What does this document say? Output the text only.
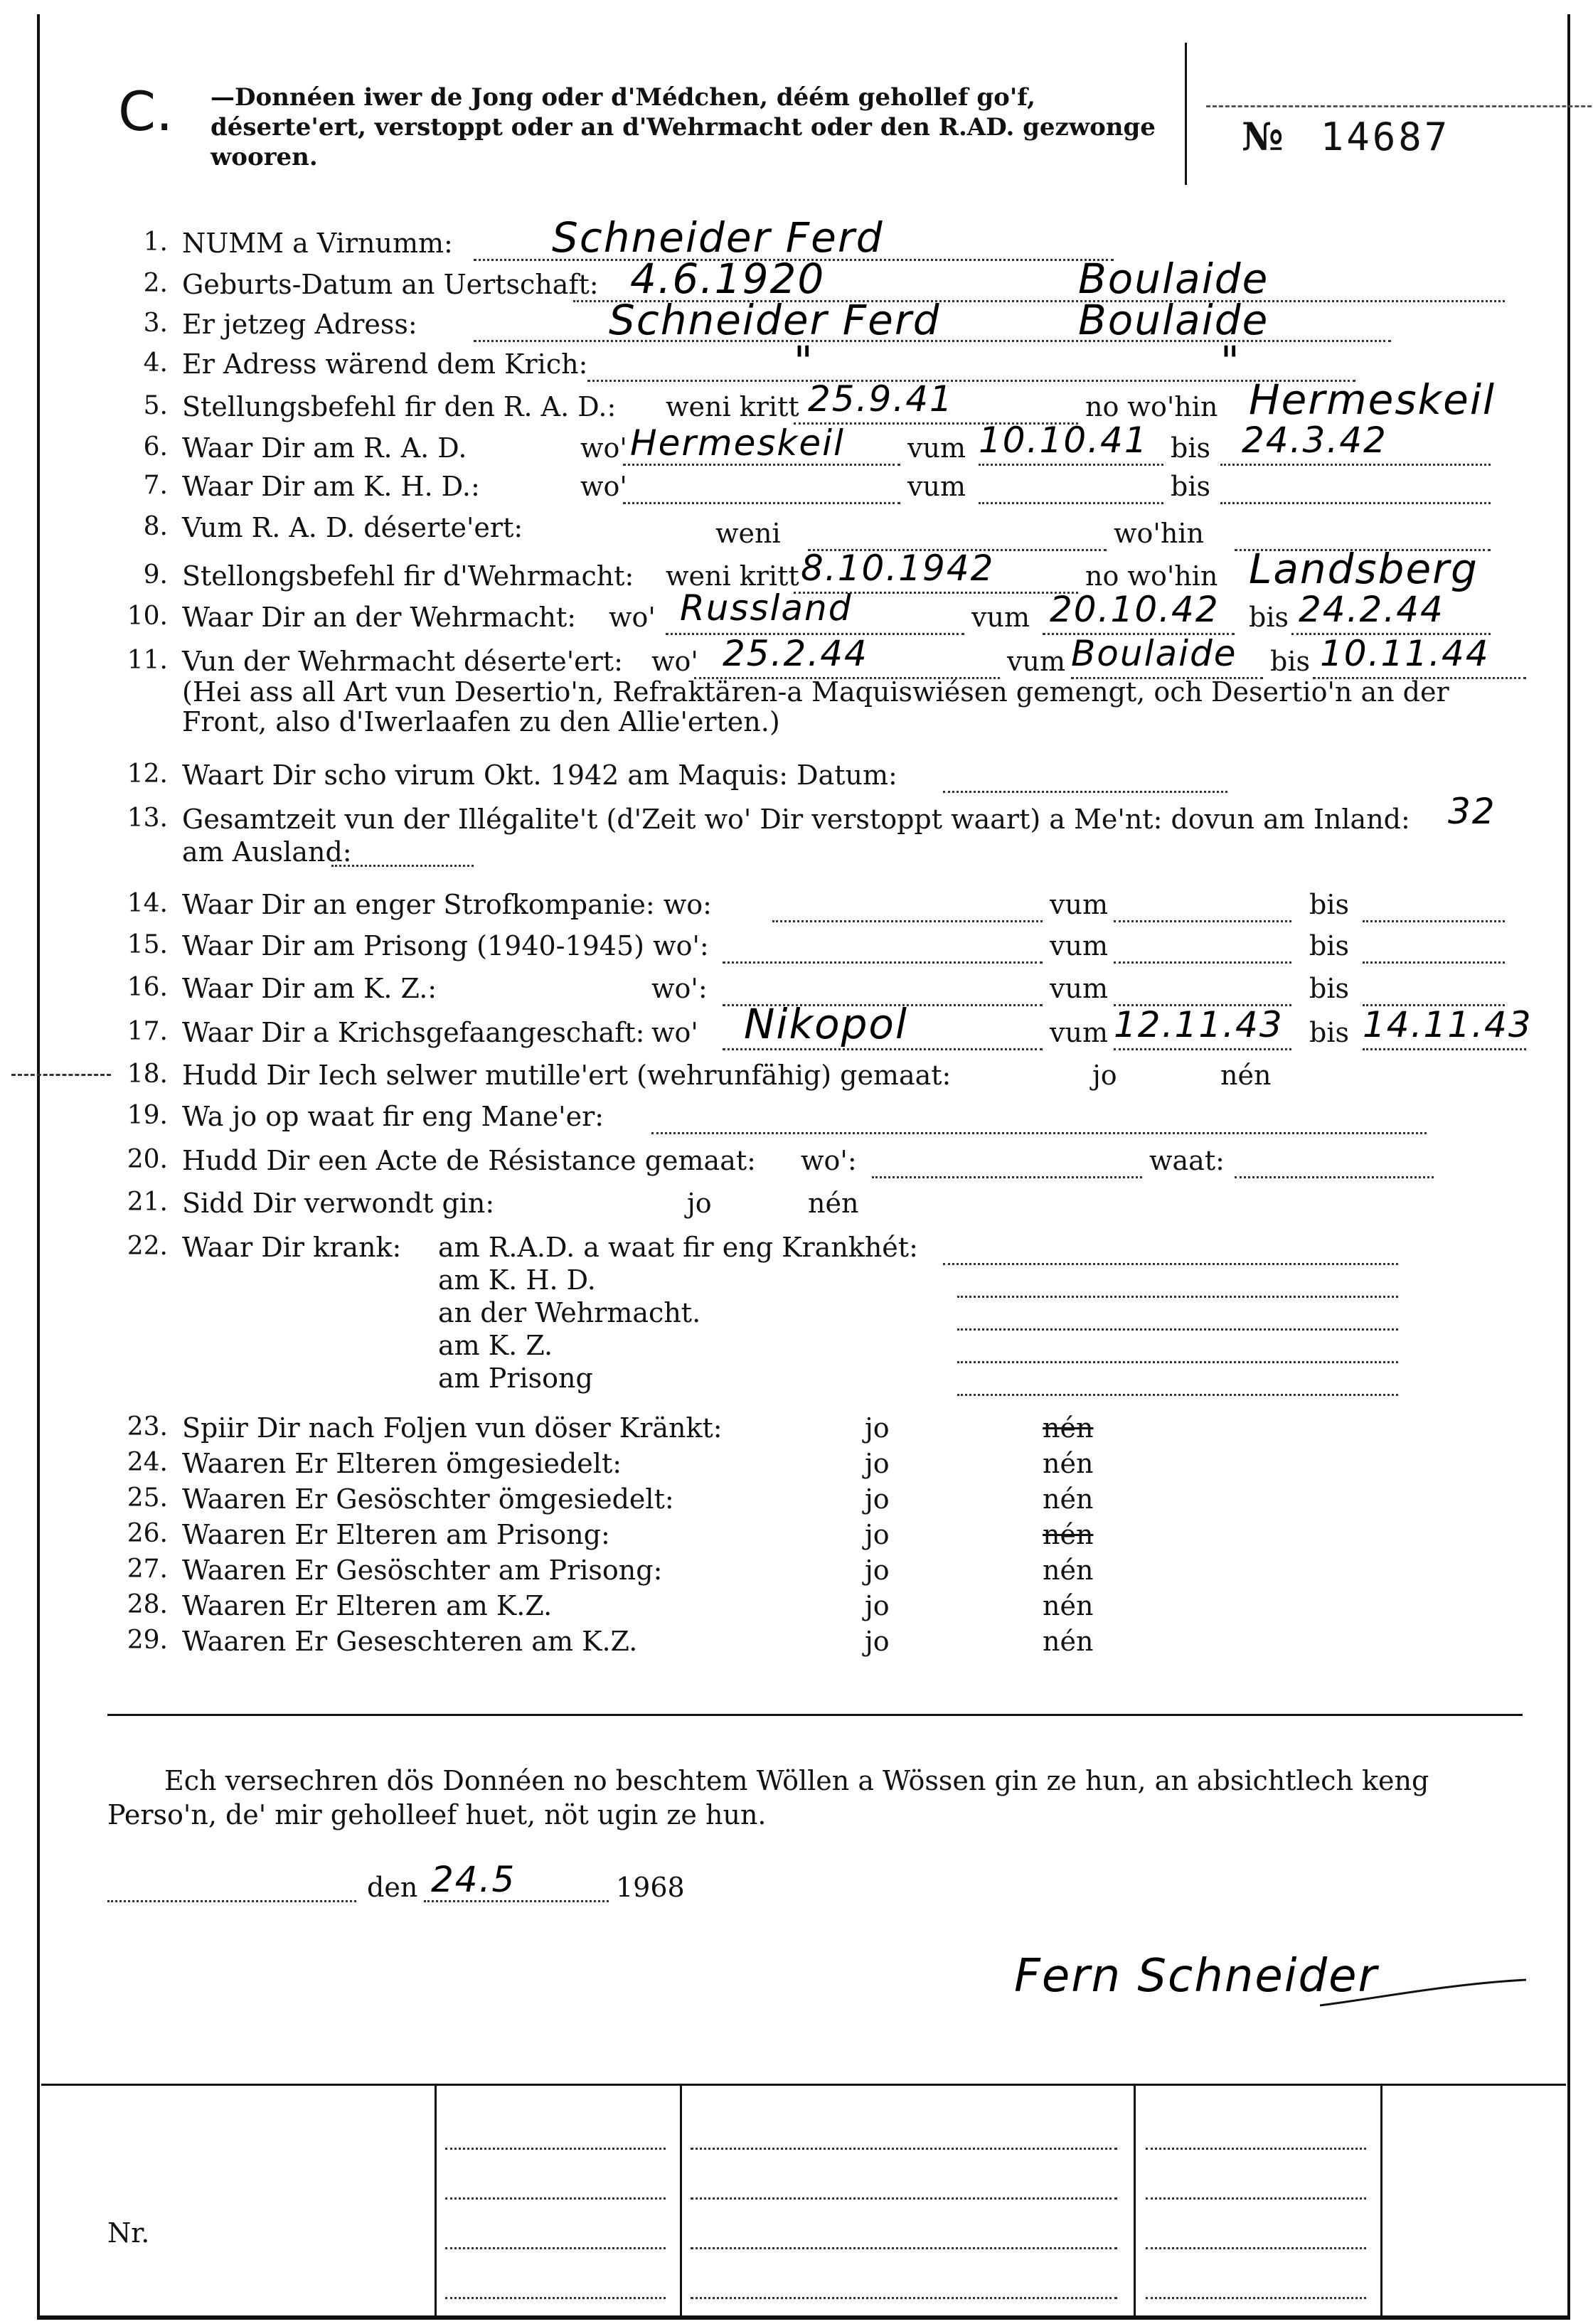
C. —Donnéen iwer de Jong oder d'Médchen, déém gehollef go'f, déserte'ert, verstoppt oder an d'Wehrmacht oder den R.AD. gezwonge wooren.	№ 14687
1. NUMM a Virnumm: Schneider Ferd
2. Geburts-Datum an Uertschaft: 4.6.1920	Boulaide
3. Er jetzeg Adress:	Schneider Ferd	Boulaide
4. Er Adress wärend dem Krich:	"	"
5. Stellungsbefehl fir den R. A. D.: weni kritt 25.9.41	no wo'hin Hermeskeil
6. Waar Dir am R. A. D.	wo' Hermeskeil vum 10.10.41 bis 24.3.42
7. Waar Dir am K. H. D.:	wo'	vum	bis
8. Vum R. A. D. déserte'ert:	weni	wo'hin
9. Stellongsbefehl fir d'Wehrmacht: weni kritt 8.10.1942	no wo'hin Landsberg
10. Waar Dir an der Wehrmacht: wo' Russland	vum 20.10.42 bis 24.2.44
11. Vun der Wehrmacht déserte'ert: wo' 25.2.44	vum Boulaide bis 10.11.44
(Hei ass all Art vun Desertio'n, Refraktären-a Maquiswiésen gemengt, och Desertio'n an der Front, also d'Iwerlaafen zu den Allie'erten.)
12. Waart Dir scho virum Okt. 1942 am Maquis: Datum:
13. Gesamtzeit vun der Illégalite't (d'Zeit wo' Dir verstoppt waart) a Me'nt: dovun am Inland: 32
am Ausland:
14. Waar Dir an enger Strofkompanie: wo:	vum	bis
15. Waar Dir am Prisong (1940-1945) wo':	vum	bis
16. Waar Dir am K. Z.:	wo':	vum	bis
17. Waar Dir a Krichsgefaangeschaft: wo' Nikopol	vum 12.11.43 bis 14.11.43
18. Hudd Dir Iech selwer mutille'ert (wehrunfähig) gemaat:	jo	nén
19. Wa jo op waat fir eng Mane'er:
20. Hudd Dir een Acte de Résistance gemaat: wo':	waat:
21. Sidd Dir verwondt gin:	jo	nén
22. Waar Dir krank: am R.A.D. a waat fir eng Krankhét:
am K. H. D.
an der Wehrmacht.
am K. Z.
am Prisong
23. Spiir Dir nach Foljen vun döser Kränkt:	jo	nén
24. Waaren Er Elteren ömgesiedelt:	jo	nén
25. Waaren Er Gesöschter ömgesiedelt:	jo	nén
26. Waaren Er Elteren am Prisong:	jo	nén
27. Waaren Er Gesöschter am Prisong:	jo	nén
28. Waaren Er Elteren am K.Z.	jo	nén
29. Waaren Er Geseschteren am K.Z.	jo	nén
Ech versechren dös Donnéen no beschtem Wöllen a Wössen gin ze hun, an absichtlech keng Perso'n, de' mir geholleef huet, nöt ugin ze hun.
den 24.5	1968
Fern Schneider
Nr.
